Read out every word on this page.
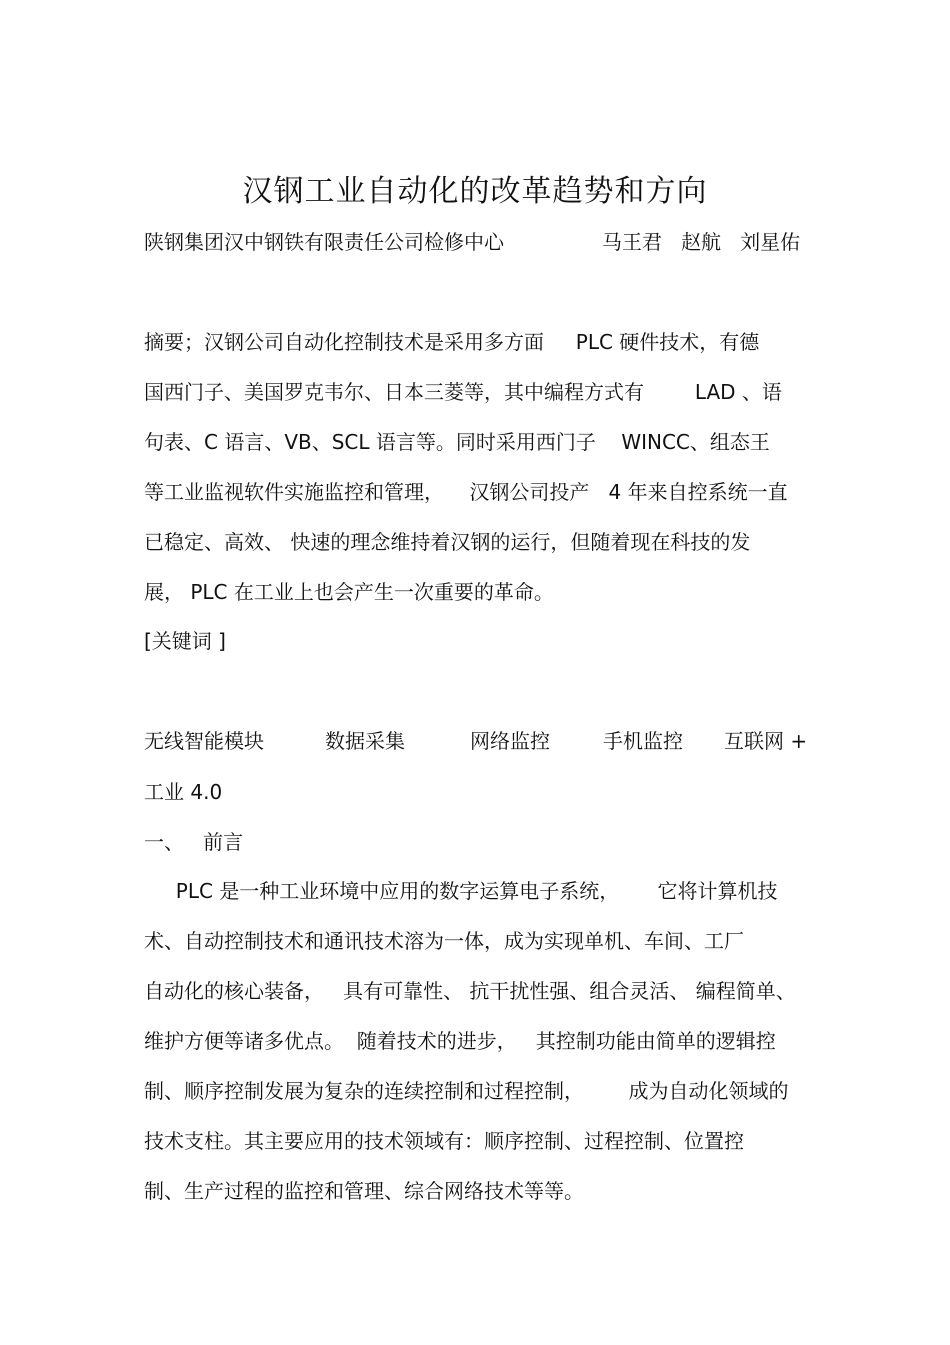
汉钢工业自动化的改革趋势和方向
陕钢集团汉中钢铁有限责任公司检修中心	马王君   赵航   刘星佑
摘要；汉钢公司自动化控制技术是采用多方面     PLC 硬件技术，有德
国西门子、美国罗克韦尔、日本三菱等，其中编程方式有        LAD 、语
句表、C 语言、VB、SCL 语言等。同时采用西门子    WINCC、组态王
等工业监视软件实施监控和管理，    汉钢公司投产   4 年来自控系统一直
已稳定、高效、 快速的理念维持着汉钢的运行，但随着现在科技的发
展， PLC 在工业上也会产生一次重要的革命。
[关键词 ]
无线智能模块	数据采集	网络监控	手机监控 互联网 +
工业 4.0
一、   前言
PLC 是一种工业环境中应用的数字运算电子系统，      它将计算机技
术、自动控制技术和通讯技术溶为一体，成为实现单机、车间、工厂
自动化的核心装备，   具有可靠性、 抗干扰性强、组合灵活、 编程简单、
维护方便等诸多优点。  随着技术的进步，   其控制功能由简单的逻辑控
制、顺序控制发展为复杂的连续控制和过程控制，       成为自动化领域的
技术支柱。其主要应用的技术领域有：顺序控制、过程控制、位置控
制、生产过程的监控和管理、综合网络技术等等。
